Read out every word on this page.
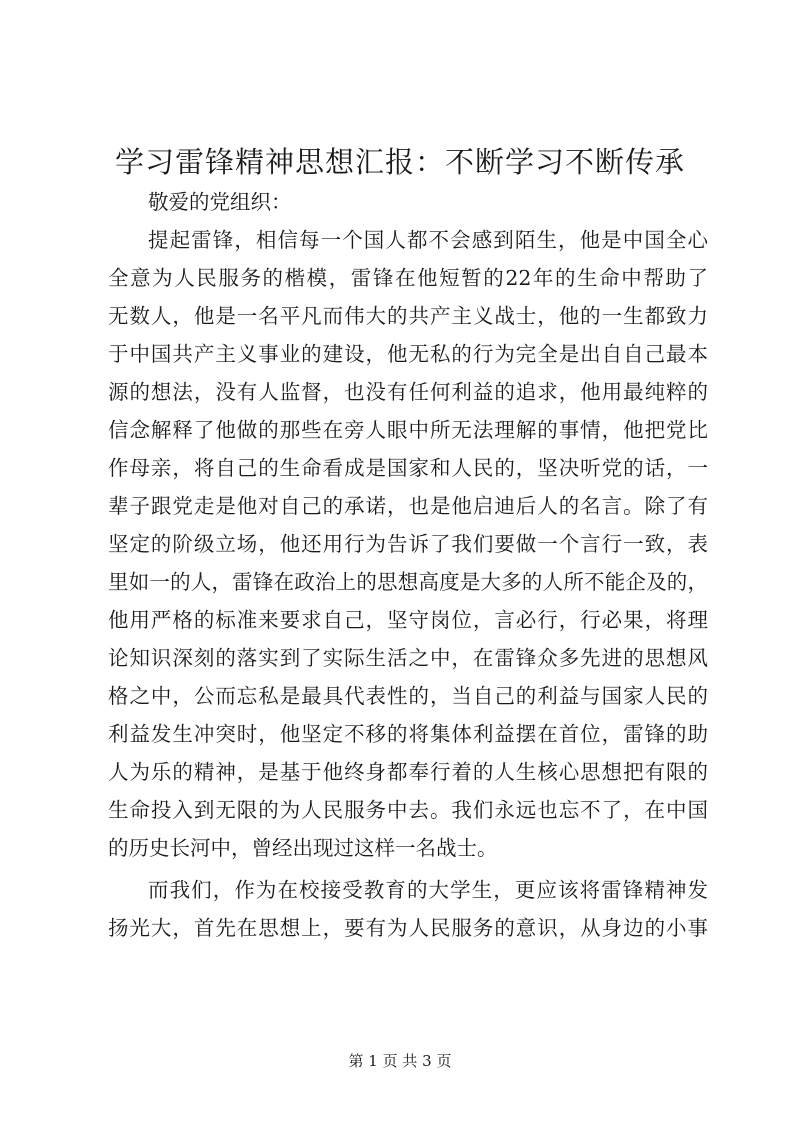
学习雷锋精神思想汇报：不断学习不断传承
敬爱的党组织：
提起雷锋，相信每一个国人都不会感到陌生，他是中国全心
全意为人民服务的楷模，雷锋在他短暂的22年的生命中帮助了
无数人，他是一名平凡而伟大的共产主义战士，他的一生都致力
于中国共产主义事业的建设，他无私的行为完全是出自自己最本
源的想法，没有人监督，也没有任何利益的追求，他用最纯粹的
信念解释了他做的那些在旁人眼中所无法理解的事情，他把党比
作母亲，将自己的生命看成是国家和人民的，坚决听党的话，一
辈子跟党走是他对自己的承诺，也是他启迪后人的名言。除了有
坚定的阶级立场，他还用行为告诉了我们要做一个言行一致，表
里如一的人，雷锋在政治上的思想高度是大多的人所不能企及的，
他用严格的标准来要求自己，坚守岗位，言必行，行必果，将理
论知识深刻的落实到了实际生活之中，在雷锋众多先进的思想风
格之中，公而忘私是最具代表性的，当自己的利益与国家人民的
利益发生冲突时，他坚定不移的将集体利益摆在首位，雷锋的助
人为乐的精神，是基于他终身都奉行着的人生核心思想把有限的
生命投入到无限的为人民服务中去。我们永远也忘不了，在中国
的历史长河中，曾经出现过这样一名战士。
而我们，作为在校接受教育的大学生，更应该将雷锋精神发
扬光大，首先在思想上，要有为人民服务的意识，从身边的小事
第 1 页 共 3 页
